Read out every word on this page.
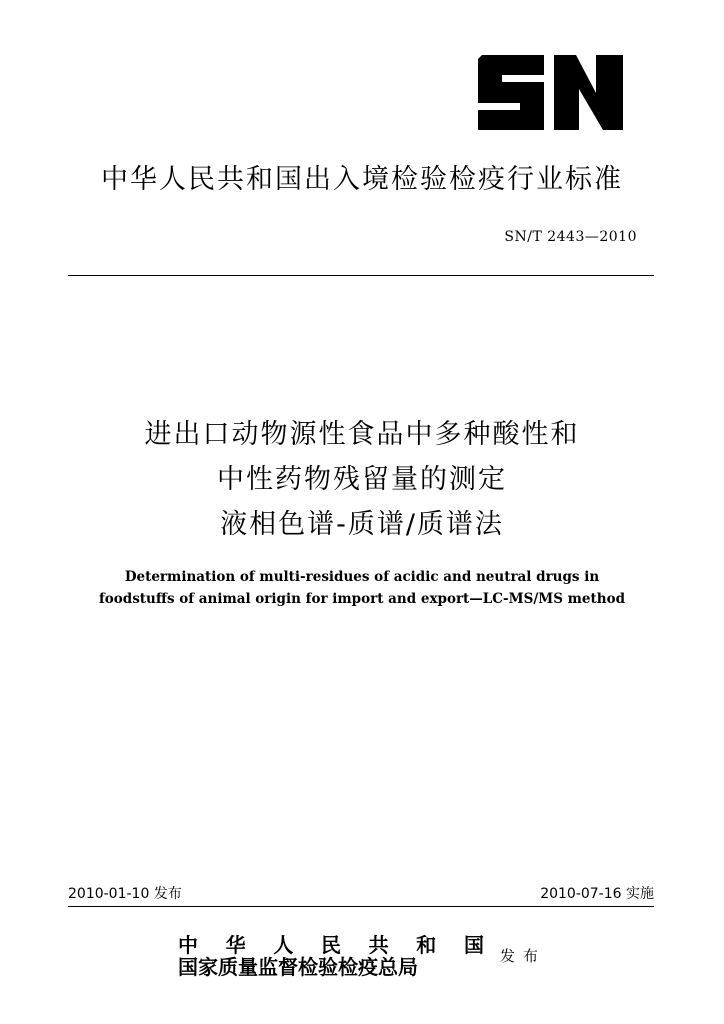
中华人民共和国出入境检验检疫行业标准
SN/T 2443—2010
进出口动物源性食品中多种酸性和
中性药物残留量的测定
液相色谱-质谱/质谱法
Determination of multi-residues of acidic and neutral drugs in
foodstuffs of animal origin for import and export—LC-MS/MS method
2010-01-10 发布	2010-07-16 实施
中 华 人 民 共 和 国
国家质量监督检验检疫总局	发布
